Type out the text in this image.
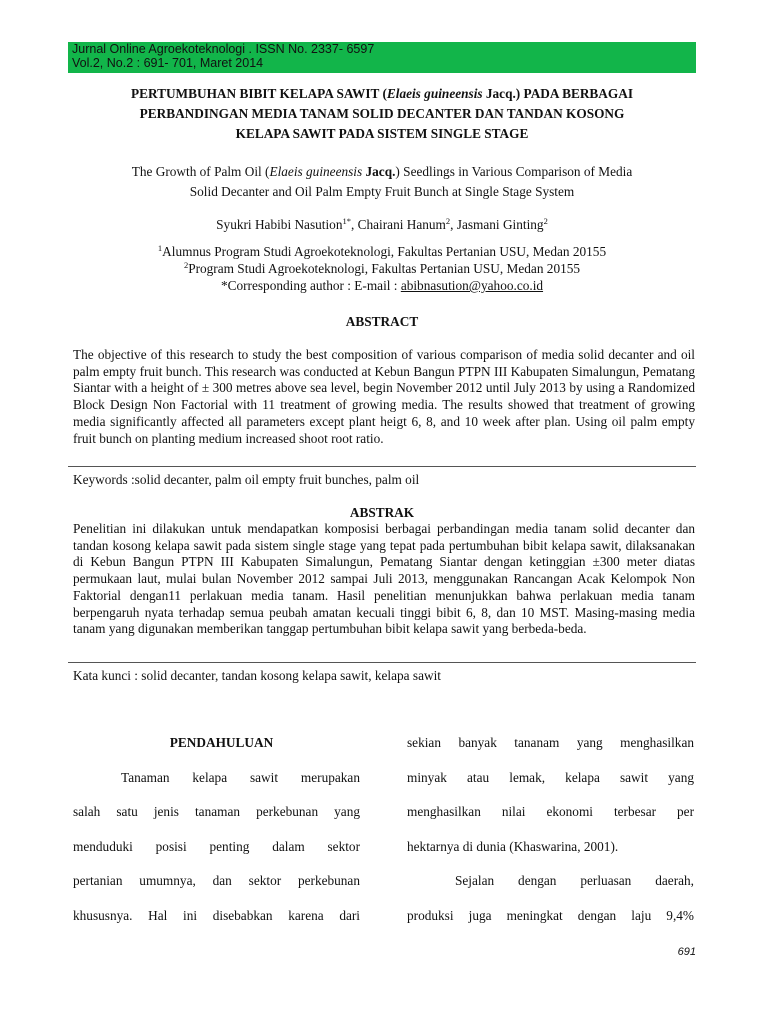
Jurnal Online Agroekoteknologi . ISSN No. 2337- 6597
Vol.2, No.2 : 691- 701, Maret 2014
PERTUMBUHAN BIBIT KELAPA SAWIT (Elaeis guineensis Jacq.) PADA BERBAGAI
PERBANDINGAN MEDIA TANAM SOLID DECANTER DAN TANDAN KOSONG
KELAPA SAWIT PADA SISTEM SINGLE STAGE
The Growth of Palm Oil (Elaeis guineensis Jacq.) Seedlings in Various Comparison of Media
Solid Decanter and Oil Palm Empty Fruit Bunch at Single Stage System
Syukri Habibi Nasution$^{1*}$, Chairani Hanum$^2$, Jasmani Ginting$^2$
$^1$Alumnus Program Studi Agroekoteknologi, Fakultas Pertanian USU, Medan 20155
$^2$Program Studi Agroekoteknologi, Fakultas Pertanian USU, Medan 20155
*Corresponding author : E-mail : abibnasution@yahoo.co.id
ABSTRACT
The objective of this research to study the best composition of various comparison of media solid decanter and oil palm empty fruit bunch. This research was conducted at Kebun Bangun PTPN III Kabupaten Simalungun, Pematang Siantar with a height of ± 300 metres above sea level, begin November 2012 until July 2013 by using a Randomized Block Design Non Factorial with 11 treatment of growing media. The results showed that treatment of growing media significantly affected all parameters except plant heigt 6, 8, and 10 week after plan. Using oil palm empty fruit bunch on planting medium increased shoot root ratio.
Keywords :solid decanter, palm oil empty fruit bunches, palm oil
ABSTRAK
Penelitian ini dilakukan untuk mendapatkan komposisi berbagai perbandingan media tanam solid decanter dan tandan kosong kelapa sawit pada sistem single stage yang tepat pada pertumbuhan bibit kelapa sawit, dilaksanakan di Kebun Bangun PTPN III Kabupaten Simalungun, Pematang Siantar dengan ketinggian ±300 meter diatas permukaan laut, mulai bulan November 2012 sampai Juli 2013, menggunakan Rancangan Acak Kelompok Non Faktorial dengan11 perlakuan media tanam. Hasil penelitian menunjukkan bahwa perlakuan media tanam berpengaruh nyata terhadap semua peubah amatan kecuali tinggi bibit 6, 8, dan 10 MST. Masing-masing media tanam yang digunakan memberikan tanggap pertumbuhan bibit kelapa sawit yang berbeda-beda.
Kata kunci : solid decanter, tandan kosong kelapa sawit, kelapa sawit

PENDAHULUAN

Tanaman kelapa sawit merupakan

salah satu jenis tanaman perkebunan yang

menduduki posisi penting dalam sektor

pertanian umumnya, dan sektor perkebunan

khususnya. Hal ini disebabkan karena dari

sekian banyak tananam yang menghasilkan

minyak atau lemak, kelapa sawit yang

menghasilkan nilai ekonomi terbesar per

hektarnya di dunia (Khaswarina, 2001).

Sejalan dengan perluasan daerah,

produksi juga meningkat dengan laju 9,4%

691
